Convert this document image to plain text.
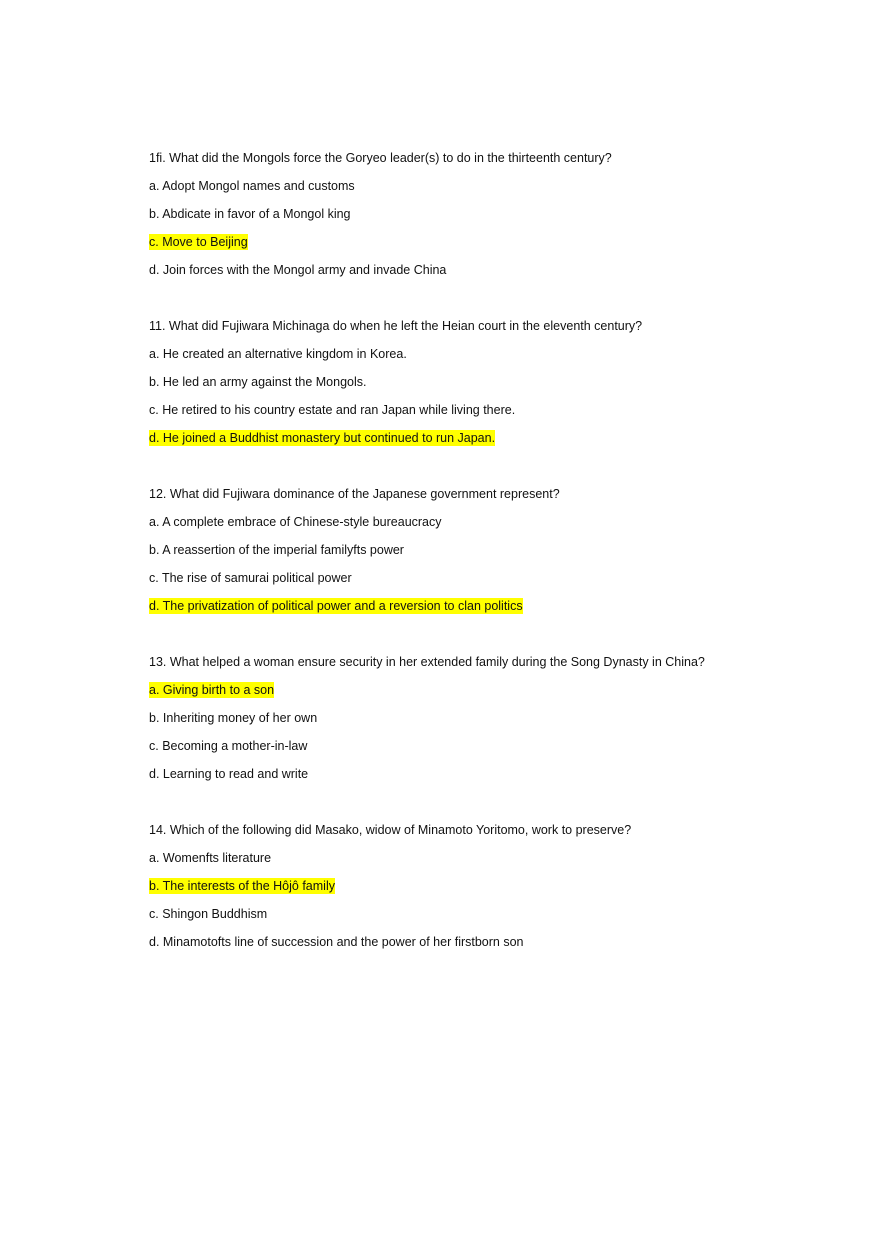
1fi. What did the Mongols force the Goryeo leader(s) to do in the thirteenth century?
a. Adopt Mongol names and customs
b. Abdicate in favor of a Mongol king
c. Move to Beijing
d. Join forces with the Mongol army and invade China
11. What did Fujiwara Michinaga do when he left the Heian court in the eleventh century?
a. He created an alternative kingdom in Korea.
b. He led an army against the Mongols.
c. He retired to his country estate and ran Japan while living there.
d. He joined a Buddhist monastery but continued to run Japan.
12. What did Fujiwara dominance of the Japanese government represent?
a. A complete embrace of Chinese-style bureaucracy
b. A reassertion of the imperial familyfts power
c. The rise of samurai political power
d. The privatization of political power and a reversion to clan politics
13. What helped a woman ensure security in her extended family during the Song Dynasty in China?
a. Giving birth to a son
b. Inheriting money of her own
c. Becoming a mother-in-law
d. Learning to read and write
14. Which of the following did Masako, widow of Minamoto Yoritomo, work to preserve?
a. Womenfts literature
b. The interests of the Hôjô family
c. Shingon Buddhism
d. Minamotofts line of succession and the power of her firstborn son
